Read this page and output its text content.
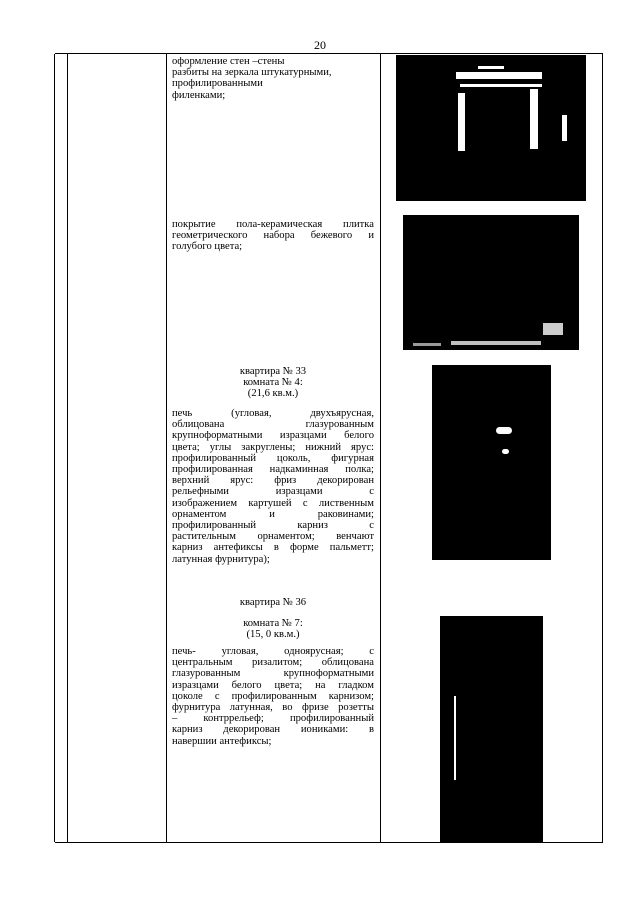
20

оформление стен –стены

разбиты на зеркала штукатурными,

профилированными

филенками;

покрытие пола-керамическая плитка

геометрического набора бежевого и

голубого цвета;

квартира № 33

комната № 4:

(21,6 кв.м.)

печь (угловая, двухъярусная,

облицована глазурованным

крупноформатными изразцами белого

цвета; углы закруглены; нижний ярус:

профилированный цоколь, фигурная

профилированная надкаминная полка;

верхний ярус: фриз декорирован

рельефными изразцами с

изображением картушей с лиственным

орнаментом и раковинами;

профилированный карниз с

растительным орнаментом; венчают

карниз антефиксы в форме пальметт;

латунная фурнитура);

квартира № 36

комната № 7:

(15, 0 кв.м.)

печь- угловая, одноярусная; с

центральным ризалитом; облицована

глазурованным крупноформатными

изразцами белого цвета; на гладком

цоколе с профилированным карнизом;

фурнитура латунная, во фризе розетты

– контррельеф; профилированный

карниз декорирован иониками: в

навершии антефиксы;
